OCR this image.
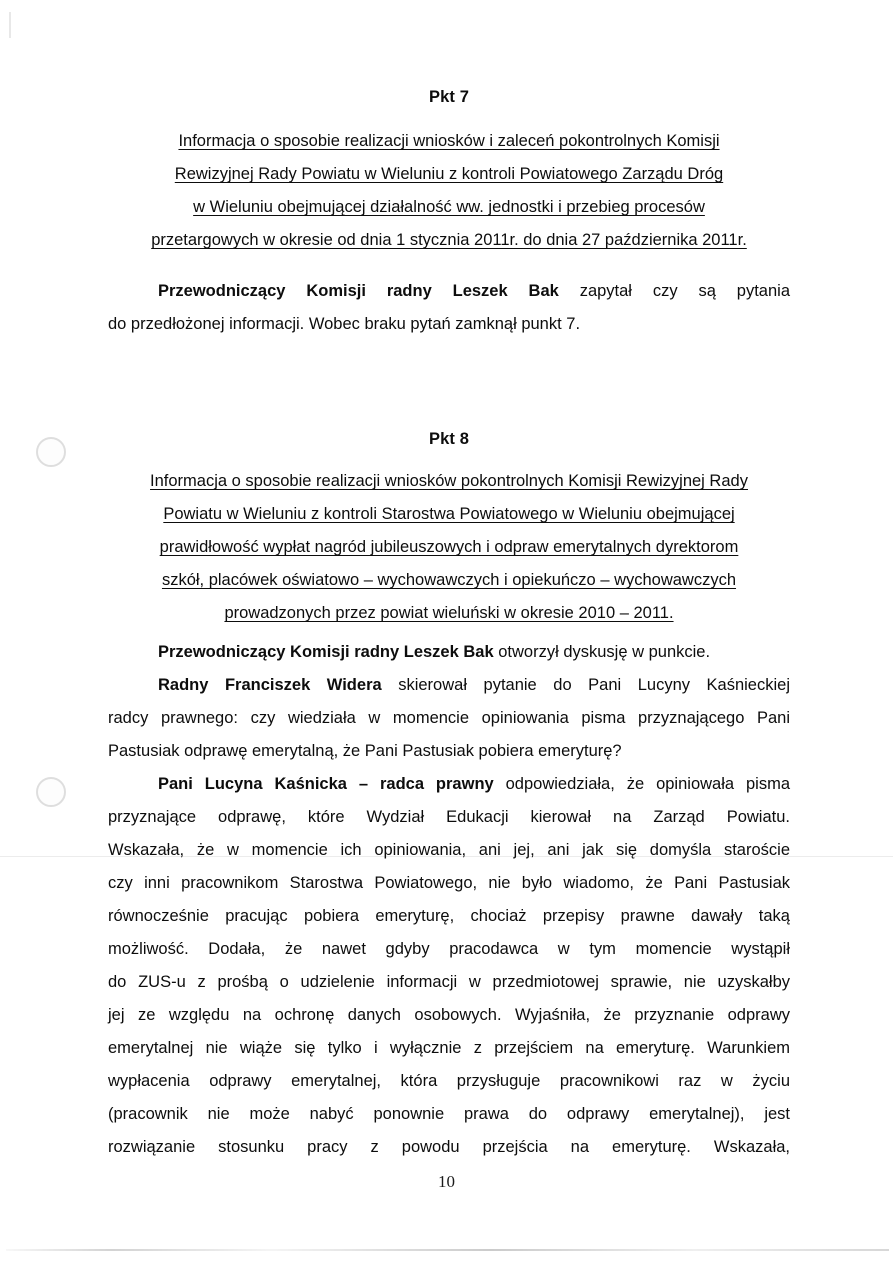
Pkt 7
Informacja o sposobie realizacji wniosków i zaleceń pokontrolnych Komisji
Rewizyjnej Rady Powiatu w Wieluniu z kontroli Powiatowego Zarządu Dróg
w Wieluniu obejmującej działalność ww. jednostki i przebieg procesów
przetargowych w okresie od dnia 1 stycznia 2011r. do dnia 27 października 2011r.

Przewodniczący Komisji radny Leszek Bak zapytał czy są pytania
do przedłożonej informacji. Wobec braku pytań zamknął punkt 7.

Pkt 8
Informacja o sposobie realizacji wniosków pokontrolnych Komisji Rewizyjnej Rady
Powiatu w Wieluniu z kontroli Starostwa Powiatowego w Wieluniu obejmującej
prawidłowość wypłat nagród jubileuszowych i odpraw emerytalnych dyrektorom
szkół, placówek oświatowo – wychowawczych i opiekuńczo – wychowawczych
prowadzonych przez powiat wieluński w okresie 2010 – 2011.

Przewodniczący Komisji radny Leszek Bak otworzył dyskusję w punkcie.

Radny Franciszek Widera skierował pytanie do Pani Lucyny Kaśnieckiej
radcy prawnego: czy wiedziała w momencie opiniowania pisma przyznającego Pani
Pastusiak odprawę emerytalną, że Pani Pastusiak pobiera emeryturę?

Pani Lucyna Kaśnicka – radca prawny odpowiedziała, że opiniowała pisma
przyznające odprawę, które Wydział Edukacji kierował na Zarząd Powiatu.
Wskazała, że w momencie ich opiniowania, ani jej, ani jak się domyśla staroście
czy inni pracownikom Starostwa Powiatowego, nie było wiadomo, że Pani Pastusiak
równocześnie pracując pobiera emeryturę, chociaż przepisy prawne dawały taką
możliwość. Dodała, że nawet gdyby pracodawca w tym momencie wystąpił
do ZUS-u z prośbą o udzielenie informacji w przedmiotowej sprawie, nie uzyskałby
jej ze względu na ochronę danych osobowych. Wyjaśniła, że przyznanie odprawy
emerytalnej nie wiąże się tylko i wyłącznie z przejściem na emeryturę. Warunkiem
wypłacenia odprawy emerytalnej, która przysługuje pracownikowi raz w życiu
(pracownik nie może nabyć ponownie prawa do odprawy emerytalnej), jest
rozwiązanie stosunku pracy z powodu przejścia na emeryturę. Wskazała,

10
